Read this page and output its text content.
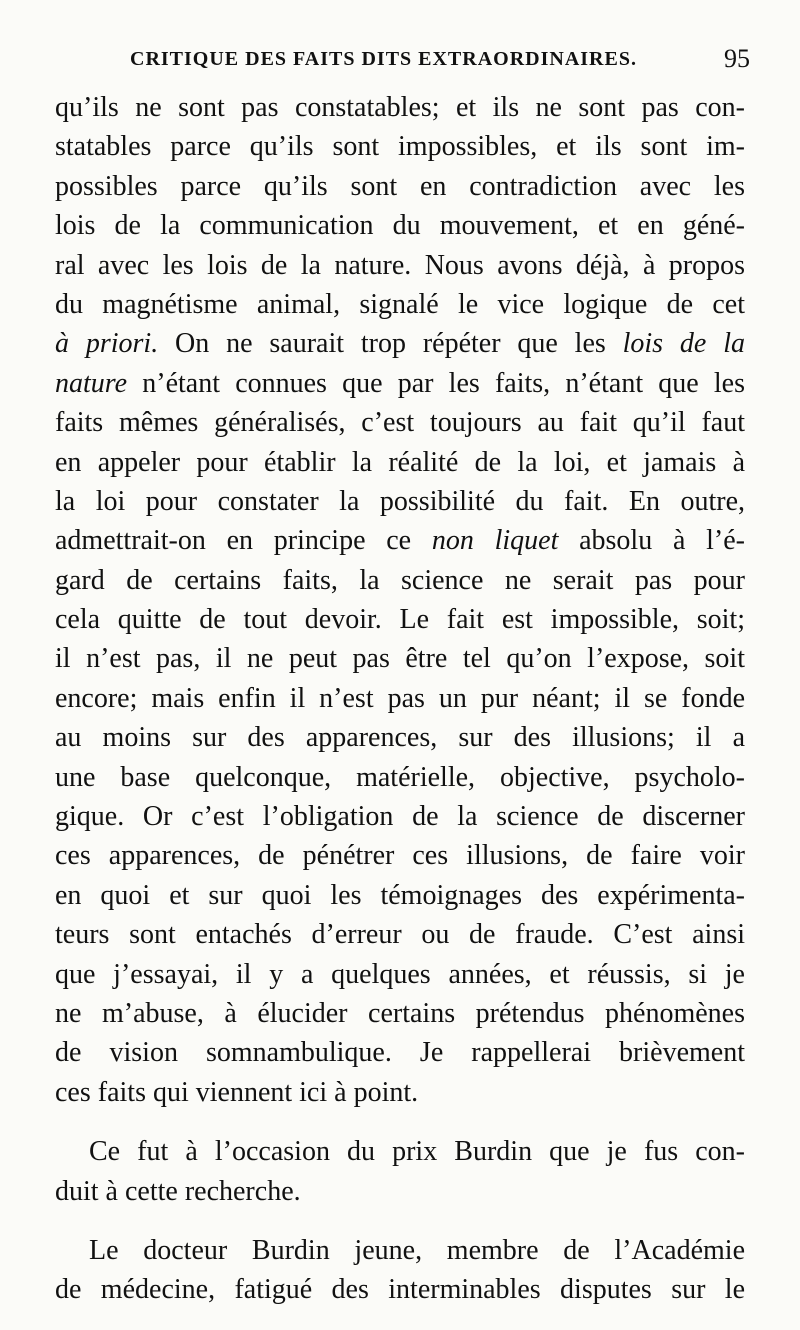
CRITIQUE DES FAITS DITS EXTRAORDINAIRES.	95
qu’ils ne sont pas constatables; et ils ne sont pas con-
statables parce qu’ils sont impossibles, et ils sont im-
possibles parce qu’ils sont en contradiction avec les
lois de la communication du mouvement, et en géné-
ral avec les lois de la nature. Nous avons déjà, à propos
du magnétisme animal, signalé le vice logique de cet
à priori. On ne saurait trop répéter que les lois de la
nature n’étant connues que par les faits, n’étant que les
faits mêmes généralisés, c’est toujours au fait qu’il faut
en appeler pour établir la réalité de la loi, et jamais à
la loi pour constater la possibilité du fait. En outre,
admettrait-on en principe ce non liquet absolu à l’é-
gard de certains faits, la science ne serait pas pour
cela quitte de tout devoir. Le fait est impossible, soit;
il n’est pas, il ne peut pas être tel qu’on l’expose, soit
encore; mais enfin il n’est pas un pur néant; il se fonde
au moins sur des apparences, sur des illusions; il a
une base quelconque, matérielle, objective, psycholo-
gique. Or c’est l’obligation de la science de discerner
ces apparences, de pénétrer ces illusions, de faire voir
en quoi et sur quoi les témoignages des expérimenta-
teurs sont entachés d’erreur ou de fraude. C’est ainsi
que j’essayai, il y a quelques années, et réussis, si je
ne m’abuse, à élucider certains prétendus phénomènes
de vision somnambulique. Je rappellerai brièvement
ces faits qui viennent ici à point.
Ce fut à l’occasion du prix Burdin que je fus con-
duit à cette recherche.
Le docteur Burdin jeune, membre de l’Académie
de médecine, fatigué des interminables disputes sur le
